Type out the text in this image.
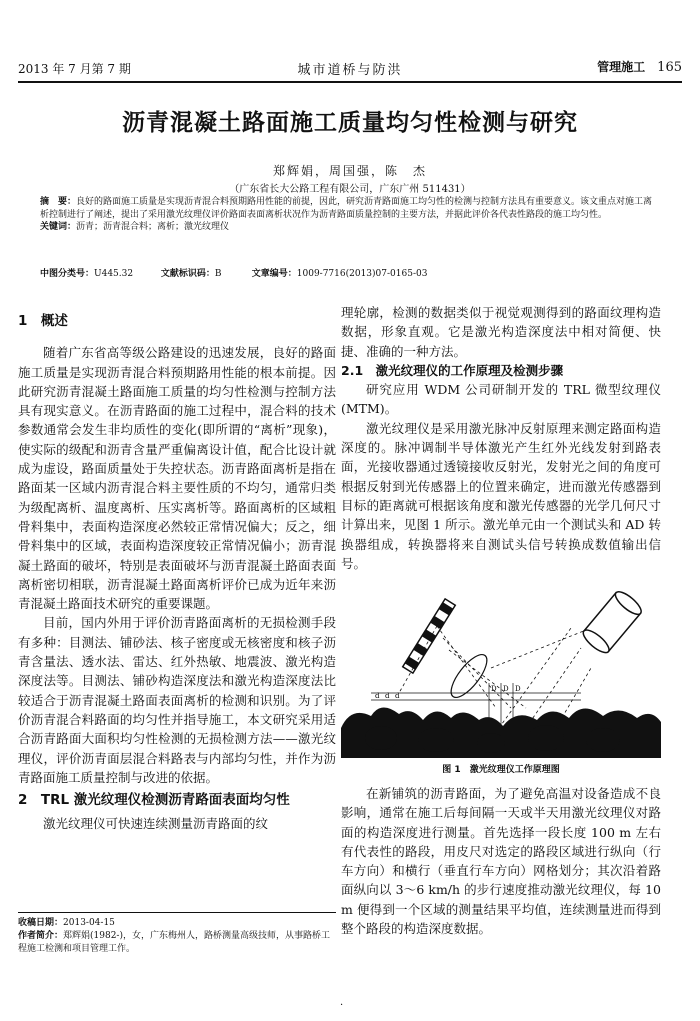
2013 年 7 月第 7 期	城市道桥与防洪	管理施工 165
沥青混凝土路面施工质量均匀性检测与研究
郑辉娟，周国强，陈　杰
（广东省长大公路工程有限公司，广东广州 511431）
摘　要：良好的路面施工质量是实现沥青混合料预期路用性能的前提，因此，研究沥青路面施工均匀性的检测与控制方法具有重要意义。该文重点对施工离析控制进行了阐述，提出了采用激光纹理仪评价路面表面离析状况作为沥青路面质量控制的主要方法，并据此评价各代表性路段的施工均匀性。
关键词：沥青；沥青混合料；离析；激光纹理仪
中图分类号：U445.32	文献标识码：B	文章编号：1009-7716(2013)07-0165-03
1　概述

随着广东省高等级公路建设的迅速发展，良好的路面施工质量是实现沥青混合料预期路用性能的根本前提。因此研究沥青混凝土路面施工质量的均匀性检测与控制方法具有现实意义。在沥青路面的施工过程中，混合料的技术参数通常会发生非均质性的变化(即所谓的“离析”现象)，使实际的级配和沥青含量严重偏离设计值，配合比设计就成为虚设，路面质量处于失控状态。沥青路面离析是指在路面某一区域内沥青混合料主要性质的不均匀，通常归类为级配离析、温度离析、压实离析等。路面离析的区域粗骨料集中，表面构造深度必然较正常情况偏大；反之，细骨料集中的区域，表面构造深度较正常情况偏小；沥青混凝土路面的破坏，特别是表面破坏与沥青混凝土路面表面离析密切相联，沥青混凝土路面离析评价已成为近年来沥青混凝土路面技术研究的重要课题。

目前，国内外用于评价沥青路面离析的无损检测手段有多种：目测法、铺砂法、核子密度或无核密度和核子沥青含量法、透水法、雷达、红外热敏、地震波、激光构造深度法等。目测法、铺砂构造深度法和激光构造深度法比较适合于沥青混凝土路面表面离析的检测和识别。为了评价沥青混合料路面的均匀性并指导施工，本文研究采用适合沥青路面大面积均匀性检测的无损检测方法——激光纹理仪，评价沥青面层混合料路表与内部均匀性，并作为沥青路面施工质量控制与改进的依据。

2　TRL 激光纹理仪检测沥青路面表面均匀性

激光纹理仪可快速连续测量沥青路面的纹

理轮廓，检测的数据类似于视觉观测得到的路面纹理构造数据，形象直观。它是激光构造深度法中相对简便、快捷、准确的一种方法。

2.1　激光纹理仪的工作原理及检测步骤

研究应用 WDM 公司研制开发的 TRL 微型纹理仪(MTM)。

激光纹理仪是采用激光脉冲反射原理来测定路面构造深度的。脉冲调制半导体激光产生红外光线发射到路表面，光接收器通过透镜接收反射光，发射光之间的角度可根据反射到光传感器上的位置来确定，进而激光传感器到目标的距离就可根据该角度和激光传感器的光学几何尺寸计算出来，见图 1 所示。激光单元由一个测试头和 AD 转换器组成，转换器将来自测试头信号转换成数值输出信号。

d d d
D D D
图 1　激光纹理仪工作原理图

在新铺筑的沥青路面，为了避免高温对设备造成不良影响，通常在施工后每间隔一天或半天用激光纹理仪对路面的构造深度进行测量。首先选择一段长度 100 m 左右有代表性的路段，用皮尺对选定的路段区域进行纵向（行车方向）和横行（垂直行车方向）网格划分；其次沿着路面纵向以 3～6 km/h 的步行速度推动激光纹理仪，每 10 m 便得到一个区域的测量结果平均值，连续测量进而得到整个路段的构造深度数据。

收稿日期：2013-04-15
作者简介：郑辉娟(1982-)，女，广东梅州人，路桥测量高级技师，从事路桥工程施工检测和项目管理工作。
·
